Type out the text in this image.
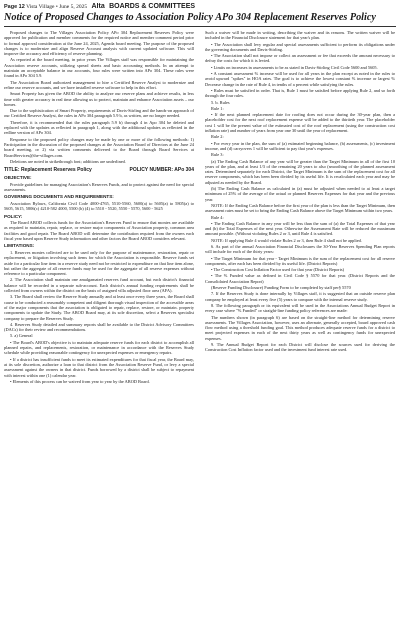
Page 12 Vista Village • June 5, 2025 Alta BOARDS & COMMITTEES
Notice of Proposed Changes to Association Policy APo 304 Replacement Reserves Policy

Proposed changes to The Villages Association Policy APo 304 Replacement Reserves Policy were approved for publication and member comments for the required notice and member comment period prior to formal approval consideration at the June 24, 2025, Agenda board meeting. The purpose of the proposed changes is to modernize and align Reserve Account analysis with current updated software. This will improve the accuracy and efficiency of reserve planning.

As reported at the board meeting, in prior years The Villages staff was responsible for maintaining the Association reserve accounts, utilizing spread sheets and basic accounting methods. In an attempt to maintain an acceptable balance in our accounts, four rules were written into APo 304. These rules were found in APo 304 5.9.

The Association Board authorized management to hire a Certified Reserve Analyst to modernize and refine our reserve accounts, and we have installed reserve software to help in this effort.

Smart Property has given the ABOD the ability to analyze our reserve plans and achieve results, in less time with greater accuracy in real time allowing us to protect, maintain and enhance Association assets – our homes.

Due to the sophistication of Smart Property, requirements of Davis-Stirling and the hands-on approach of our Certified Reserve Analyst, the rules in APo 304 paragraph 5.9 b, as written, are no longer needed.

Therefore, it is recommended that the rules paragraph 5.9 b) through 4 in Apo 304 be deleted and replaced with the updates as reflected in paragraph 1, along with the additional updates as reflected in the redline version of APo 304.

Response to the proposed policy changes may be made by one or more of the following methods: 1) Participation in the discussion of the proposed changes at the Association Board of Directors at the June 24 board meeting, or 2) via written comments delivered to the Board through Board Services at BoardServices@the-villages.com.

Deletions are noted in strikethrough font; additions are underlined.

TITLE: Replacement Reserves Policy	POLICY NUMBER: APo 304

OBJECTIVE:

Provide guidelines for managing Association's Reserves Funds, and to protect against the need for special assessments.

GOVERNING DOCUMENTS AND REQUIREMENTS:

Association Bylaws, California Civil Code 4000-4765, 5510-5560, 5600(a) to 5605(a) to 5805(a) to 5605, 5615, 5806(c) 4210-582 4000, 5500 (b) (4) to 5510 - 5520, 5550 - 5570, 5600 - 5625

POLICY:

The Board ABOD collects funds for the Association's Reserves Fund to ensure that monies are available as required to maintain, repair, replace, or restore major components of Association property, common area facilities and good repair. The Board ABOD will determine the contribution required from the owners each fiscal year based upon Reserve Study information and other factors the Board ABOD considers relevant.

LIMITATIONS:

1. Reserves monies collected are to be used only for the purpose of maintenance, restoration, repair or replacement, or litigation involving such items for which the Association is responsible. Reserve funds set aside for a particular line item in a reserve study need not be restricted to expenditure on that line item alone, but rather the aggregate of all reserve funds may be used for the aggregate of all reserve expenses without reference to a particular component.

2. The Association shall maintain one amalgamated reserves fund account, but each district's financial balance will be recorded in a separate sub-account. Each district's annual funding requirements shall be collected from owners within the district on the basis of assigned villa adjusted floor area (AFA).

3. The Board shall review the Reserve Study annually and at least once every three years, the Board shall cause to be conducted a reasonably competent and diligent thorough visual inspection of the accessible areas of the major components that the association is obligated to repair, replace, restore, or maintain. property components to update the Study. The ABOD Board may, at its sole discretion, select a Reserves specialist company to prepare the Reserves Study.

4. Reserves Study detailed and summary reports shall be available to the District Advisory Committees (DACs) for their review and recommendations.

5. a) General

• The Board's ABOD's objective is to maintain adequate reserve funds for each district to accomplish all planned repairs, and replacements, restoration, or maintenance in accordance with the Reserves Study schedule while providing reasonable contingency for unexpected expenses or emergency repairs.

• If a district has insufficient funds to meet its estimated expenditures for that fiscal year, the Board may, at its sole discretion, authorize a loan to that district from the Association Reserve Fund, or levy a special assessment against the owners in that district. Funds borrowed by a district shall be subject to repayment with interest within one (1) calendar year.

• Elements of this process can be waived from year to year by the ABOD Board.

Such a waiver will be made in writing, describing the waiver and its reasons. The written waiver will be included in the Financial Disclosure statement for that year's plan.

• The Association shall levy regular and special assessments sufficient to perform its obligations under the governing documents and Davis-Stirling.

• The Association shall not impose or collect an assessment or fee that exceeds the amount necessary to defray the costs for which it is levied.

• Limits on increases in assessments to be as stated in Davis-Stirling Civil Code 5600 and 5605.

• A constant assessment % increase will be used for all years in the plan except as noted in the rules to avoid upward "spikes" in HOA rates. The goal is to achieve the lowest constant % increase or largest % Decrease change in the rate of Rule 4, in tenths of a percent while satisfying the rules.

• Rules must be satisfied in order. That is, Rule 1 must be satisfied before applying Rule 2, and so forth through the four rules.

5. b. Rules

Rule 1:

• If the next planned replacement date for roofing does not occur during the 30-year plan, then a placeholder cost for the next roof replacement expense will be added to the thirtieth year. The placeholder cost 1 will be the present value of the estimated cost of the roof replacement (using the construction cost inflation rate) and number of years from year one 30 until the year of replacement.

Rule 2:

• For every year in the plan, the sum of (a) estimated beginning balance, (b) assessments, (c) investment income, and (d) carryovers 1 will be sufficient to pay that year's expenses.

Rule 3:

(a) The Ending Cash Balance of any year will be greater than the Target Minimum in all of the first 10 years of the plan, and at least 1/3 of the remaining 20 years to also (smoothing of the planned assessment rates. Determined separately for each District, the Target Minimum is the sum of the replacement cost for all reserve components, which has been been divided by its useful life. It is recalculated each year and may be adjusted as needed by the Board.

(b) The Ending Cash Balance as calculated in (a) must be adjusted when needed to at least a target minimum of 25% of the average of the actual or planned Reserves Expenses for that year and the previous year.

NOTE: If the Ending Cash Balance before the first year of the plan is less than the Target Minimum, then assessment rates must be set to bring the Ending Cash Balance above the Target Minimum within two years.

Rule 4:

• The Ending Cash Balance in any year will be less than the sum of (a) the Total Expenses of that year and (b) the Total Expenses of the next year. Otherwise the Assessment Rate will be reduced the maximum amount possible. (Without violating Rules 2 or 3, until Rule 4 is satisfied.

NOTE: If applying Rule 4 would violate Rules 2 or 3, then Rule 4 shall not be applied.

6. As part of the annual Association Financial Disclosures the 30-Year Reserves Spending Plan reports will include for each of the thirty years:

• The Target Minimum for that year - Target Minimum is the sum of the replacement cost for all reserve components, after each has been divided by its useful life. (District Reports)

• The Construction Cost Inflation Factor used for that year (District Reports)

• The % Funded value as defined in Civil Code § 5570 for that year. (District Reports and the Consolidated Association Report)

(Reserve Funding Disclosure) Funding Form to be completed by staff per§ 5570

7. If the Reserves Study is done internally by Villages staff, it is suggested that an outside reserve plan company be employed at least every five (5) years to compare with the internal reserve study.

8. The following paragraph or its equivalent will be used in the Associations Annual Budget Report in every case where "% Funded" or straight-line funding policy references are made:

The numbers shown (in paragraph 6) are based on the straight-line method for determining reserve assessments. The Villages Association, however, uses an alternate, generally accepted, board approved cash flow method using a threshold funding goal. This method produces adequate reserve funds for a district to meet projected expenses in each of the next thirty years as well as contingency funds for unexpected expenses.

9. The Annual Budget Report for each District will disclose the sources used for deriving the Construction Cost Inflation factor used and the investment fund interest rate used.
